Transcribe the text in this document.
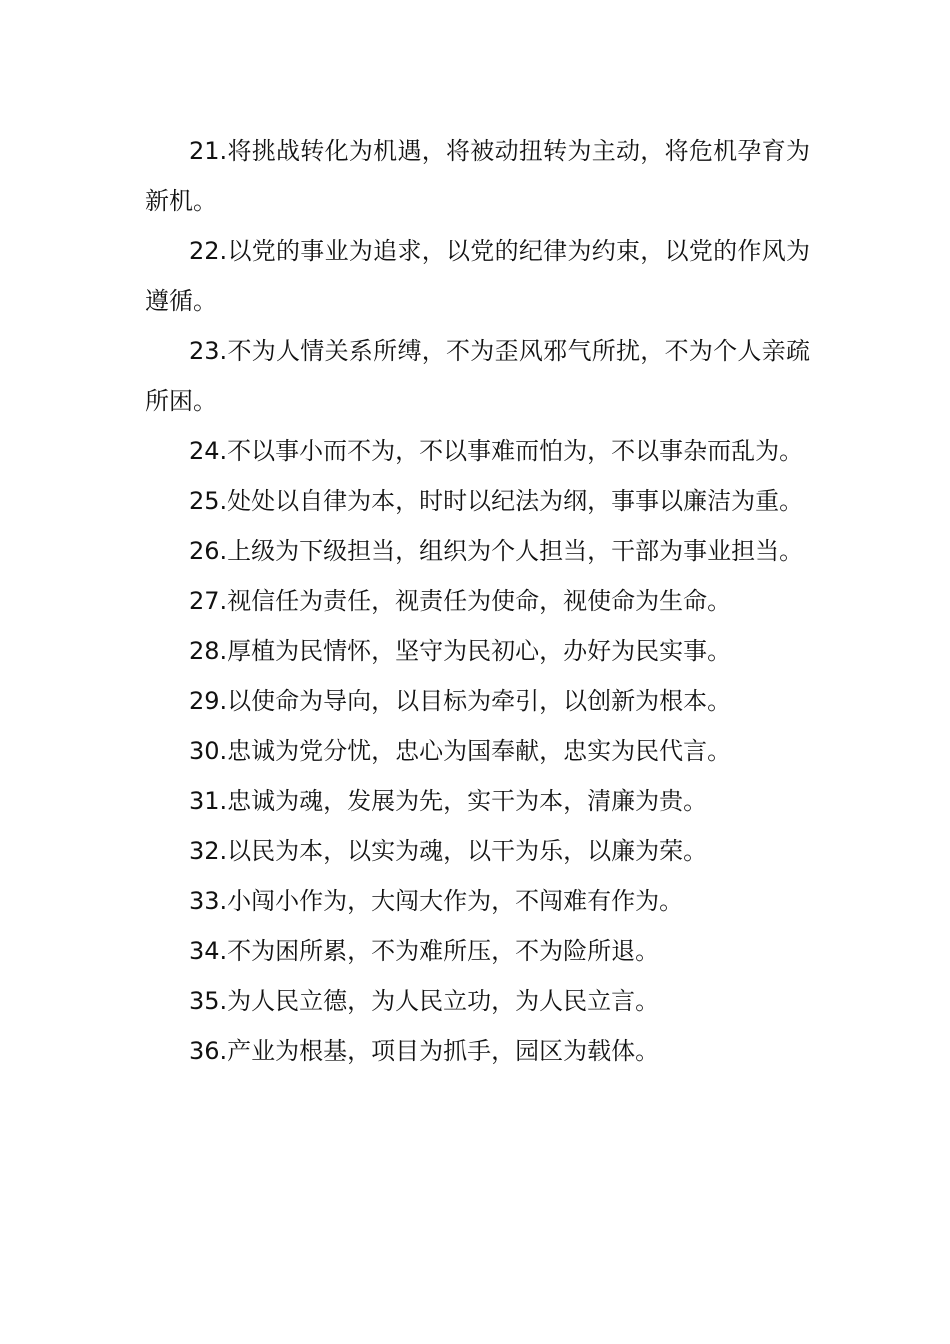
21.将挑战转化为机遇，将被动扭转为主动，将危机孕育为新机。

22.以党的事业为追求，以党的纪律为约束，以党的作风为遵循。

23.不为人情关系所缚，不为歪风邪气所扰，不为个人亲疏所困。

24.不以事小而不为，不以事难而怕为，不以事杂而乱为。

25.处处以自律为本，时时以纪法为纲，事事以廉洁为重。

26.上级为下级担当，组织为个人担当，干部为事业担当。

27.视信任为责任，视责任为使命，视使命为生命。

28.厚植为民情怀，坚守为民初心，办好为民实事。

29.以使命为导向，以目标为牵引，以创新为根本。

30.忠诚为党分忧，忠心为国奉献，忠实为民代言。

31.忠诚为魂，发展为先，实干为本，清廉为贵。

32.以民为本，以实为魂，以干为乐，以廉为荣。

33.小闯小作为，大闯大作为，不闯难有作为。

34.不为困所累，不为难所压，不为险所退。

35.为人民立德，为人民立功，为人民立言。

36.产业为根基，项目为抓手，园区为载体。
